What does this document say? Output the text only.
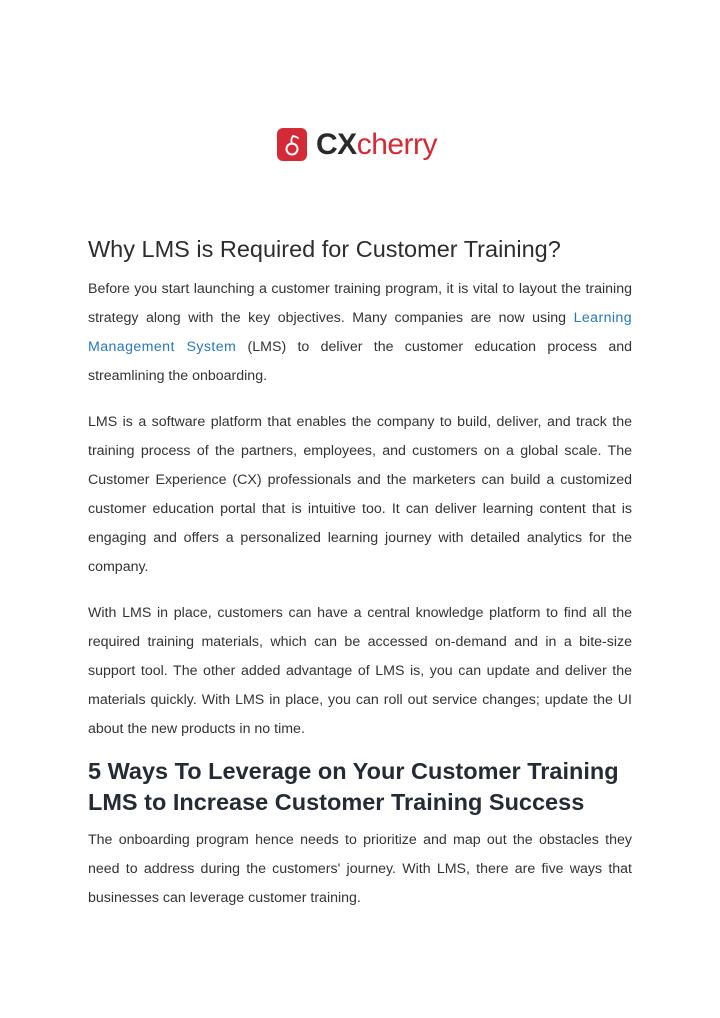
CXcherry
Why LMS is Required for Customer Training?

Before you start launching a customer training program, it is vital to layout the training strategy along with the key objectives. Many companies are now using Learning Management System (LMS) to deliver the customer education process and streamlining the onboarding.

LMS is a software platform that enables the company to build, deliver, and track the training process of the partners, employees, and customers on a global scale. The Customer Experience (CX) professionals and the marketers can build a customized customer education portal that is intuitive too. It can deliver learning content that is engaging and offers a personalized learning journey with detailed analytics for the company.

With LMS in place, customers can have a central knowledge platform to find all the required training materials, which can be accessed on-demand and in a bite-size support tool. The other added advantage of LMS is, you can update and deliver the materials quickly. With LMS in place, you can roll out service changes; update the UI about the new products in no time.

5 Ways To Leverage on Your Customer Training LMS to Increase Customer Training Success

The onboarding program hence needs to prioritize and map out the obstacles they need to address during the customers' journey. With LMS, there are five ways that businesses can leverage customer training.
